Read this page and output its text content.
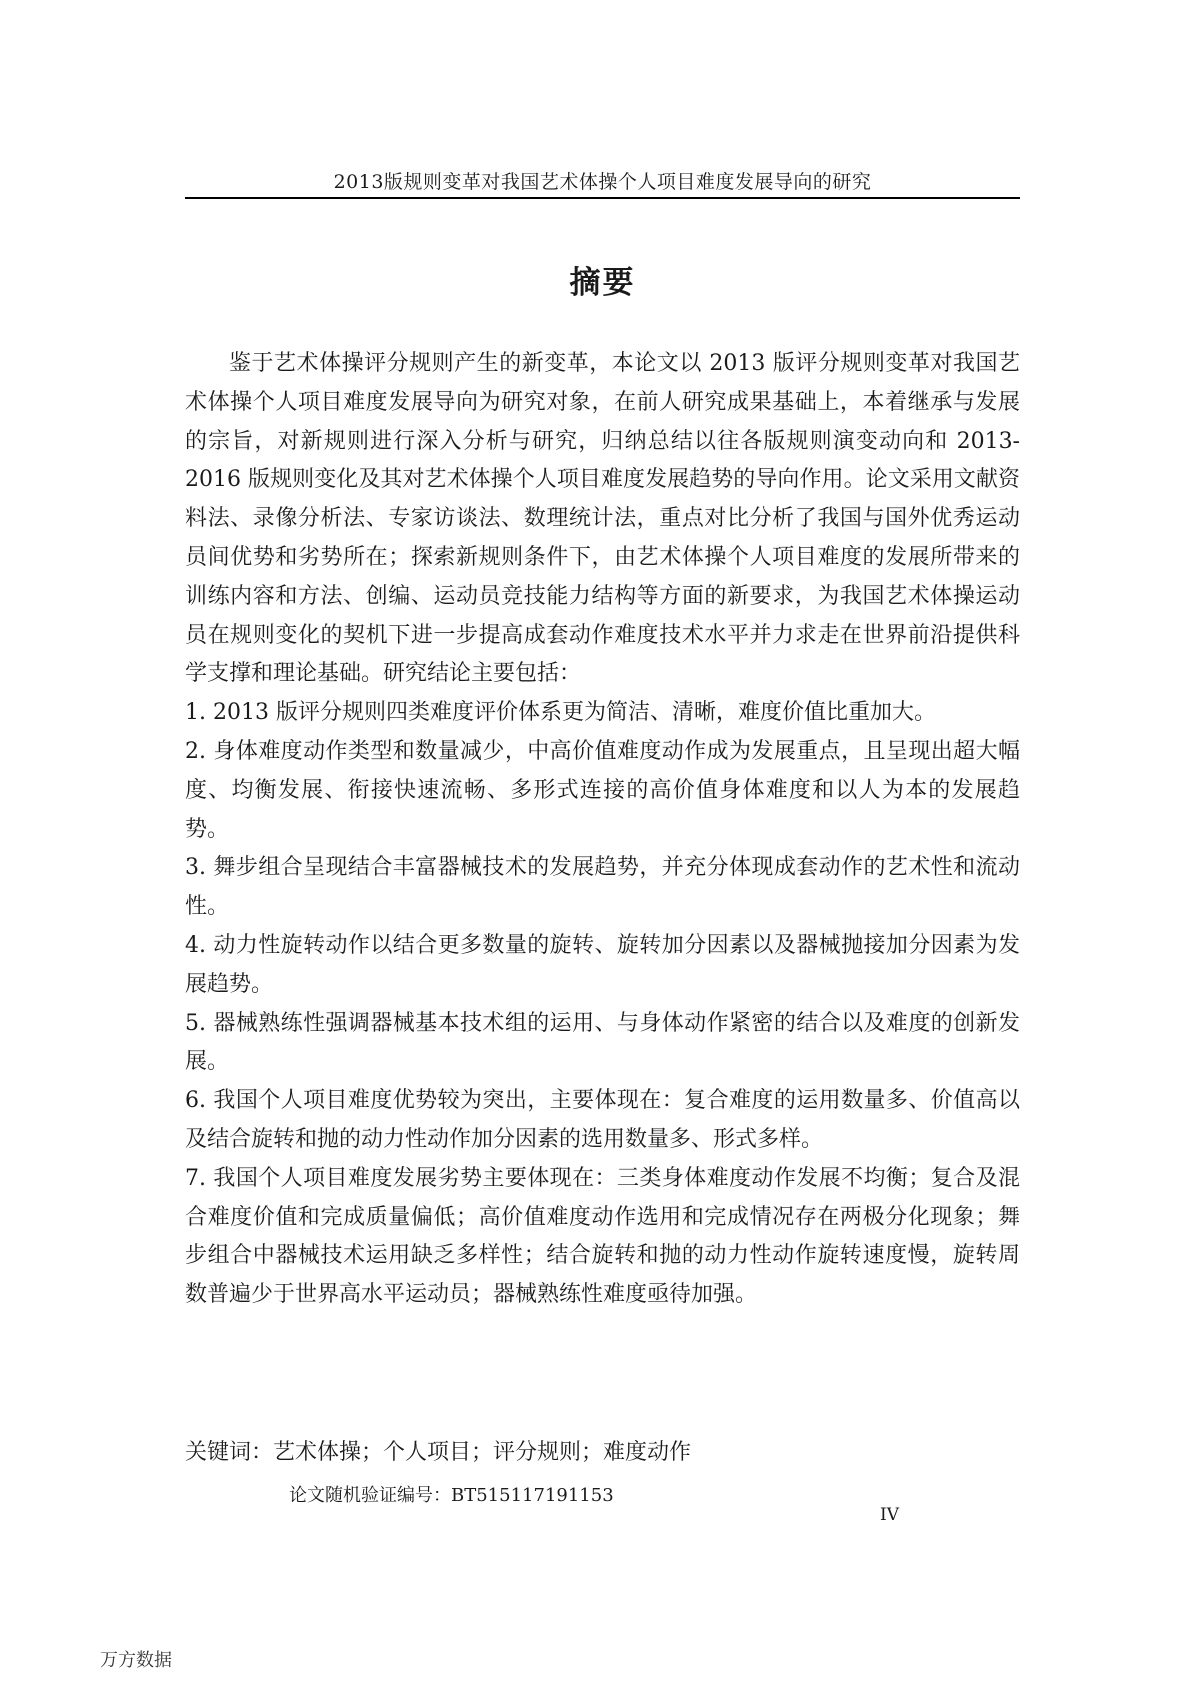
2013版规则变革对我国艺术体操个人项目难度发展导向的研究
摘要

鉴于艺术体操评分规则产生的新变革，本论文以 2013 版评分规则变革对我国艺术体操个人项目难度发展导向为研究对象，在前人研究成果基础上，本着继承与发展的宗旨，对新规则进行深入分析与研究，归纳总结以往各版规则演变动向和 2013-2016 版规则变化及其对艺术体操个人项目难度发展趋势的导向作用。论文采用文献资料法、录像分析法、专家访谈法、数理统计法，重点对比分析了我国与国外优秀运动员间优势和劣势所在；探索新规则条件下，由艺术体操个人项目难度的发展所带来的训练内容和方法、创编、运动员竞技能力结构等方面的新要求，为我国艺术体操运动员在规则变化的契机下进一步提高成套动作难度技术水平并力求走在世界前沿提供科学支撑和理论基础。研究结论主要包括：

1. 2013 版评分规则四类难度评价体系更为简洁、清晰，难度价值比重加大。

2. 身体难度动作类型和数量减少，中高价值难度动作成为发展重点，且呈现出超大幅度、均衡发展、衔接快速流畅、多形式连接的高价值身体难度和以人为本的发展趋势。

3. 舞步组合呈现结合丰富器械技术的发展趋势，并充分体现成套动作的艺术性和流动性。

4. 动力性旋转动作以结合更多数量的旋转、旋转加分因素以及器械抛接加分因素为发展趋势。

5. 器械熟练性强调器械基本技术组的运用、与身体动作紧密的结合以及难度的创新发展。

6. 我国个人项目难度优势较为突出，主要体现在：复合难度的运用数量多、价值高以及结合旋转和抛的动力性动作加分因素的选用数量多、形式多样。

7. 我国个人项目难度发展劣势主要体现在：三类身体难度动作发展不均衡；复合及混合难度价值和完成质量偏低；高价值难度动作选用和完成情况存在两极分化现象；舞步组合中器械技术运用缺乏多样性；结合旋转和抛的动力性动作旋转速度慢，旋转周数普遍少于世界高水平运动员；器械熟练性难度亟待加强。

关键词：艺术体操；个人项目；评分规则；难度动作
论文随机验证编号：BT515117191153
IV
万方数据
